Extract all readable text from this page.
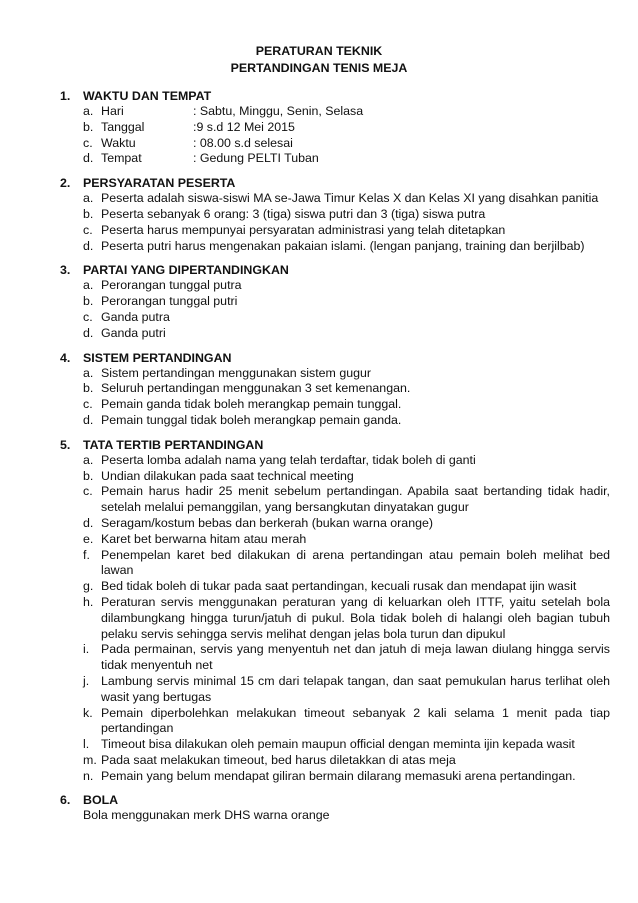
PERATURAN TEKNIK
PERTANDINGAN TENIS MEJA
1.	WAKTU DAN TEMPAT
a. Hari	: Sabtu, Minggu, Senin, Selasa
b. Tanggal	:9 s.d 12 Mei 2015
c. Waktu	: 08.00 s.d selesai
d. Tempat	: Gedung PELTI Tuban
2.	PERSYARATAN PESERTA
a. Peserta adalah siswa-siswi MA se-Jawa Timur Kelas X dan Kelas XI yang disahkan panitia
b. Peserta sebanyak 6 orang: 3 (tiga) siswa putri dan 3 (tiga) siswa putra
c. Peserta harus mempunyai persyaratan administrasi yang telah ditetapkan
d. Peserta putri harus mengenakan pakaian islami. (lengan panjang, training dan berjilbab)
3.	PARTAI YANG DIPERTANDINGKAN
a. Perorangan tunggal putra
b. Perorangan tunggal putri
c. Ganda putra
d. Ganda putri
4.	SISTEM PERTANDINGAN
a. Sistem pertandingan menggunakan sistem gugur
b. Seluruh pertandingan menggunakan 3 set kemenangan.
c. Pemain ganda tidak boleh merangkap pemain tunggal.
d. Pemain tunggal tidak boleh merangkap pemain ganda.
5.	TATA TERTIB PERTANDINGAN
a. Peserta lomba adalah nama yang telah terdaftar, tidak boleh di ganti
b. Undian dilakukan pada saat technical meeting
c. Pemain harus hadir 25 menit sebelum pertandingan. Apabila saat bertanding tidak hadir, setelah melalui pemanggilan, yang bersangkutan dinyatakan gugur
d. Seragam/kostum bebas dan berkerah (bukan warna orange)
e. Karet bet berwarna hitam atau merah
f. Penempelan karet bed dilakukan di arena pertandingan atau pemain boleh melihat bed lawan
g. Bed tidak boleh di tukar pada saat pertandingan, kecuali rusak dan mendapat ijin wasit
h. Peraturan servis menggunakan peraturan yang di keluarkan oleh ITTF, yaitu setelah bola dilambungkang hingga turun/jatuh di pukul. Bola tidak boleh di halangi oleh bagian tubuh pelaku servis sehingga servis melihat dengan jelas bola turun dan dipukul
i. Pada permainan, servis yang menyentuh net dan jatuh di meja lawan diulang hingga servis tidak menyentuh net
j. Lambung servis minimal 15 cm dari telapak tangan, dan saat pemukulan harus terlihat oleh wasit yang bertugas
k. Pemain diperbolehkan melakukan timeout sebanyak 2 kali selama 1 menit pada tiap pertandingan
l. Timeout bisa dilakukan oleh pemain maupun official dengan meminta ijin kepada wasit
m. Pada saat melakukan timeout, bed harus diletakkan di atas meja
n. Pemain yang belum mendapat giliran bermain dilarang memasuki arena pertandingan.
6.	BOLA
Bola menggunakan merk DHS warna orange
